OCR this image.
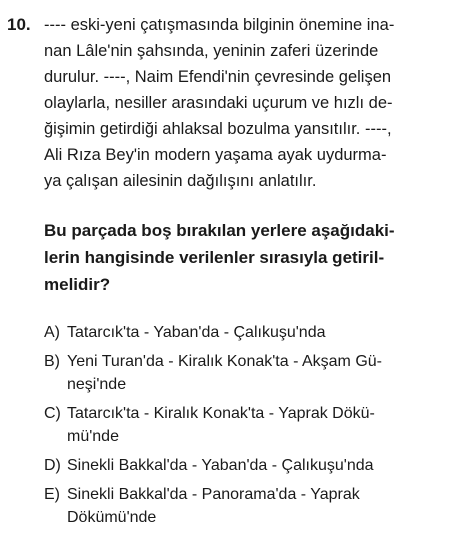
10. ---- eski-yeni çatışmasında bilginin önemine ina-
nan Lâle'nin şahsında, yeninin zaferi üzerinde
durulur. ----, Naim Efendi'nin çevresinde gelişen
olaylarla, nesiller arasındaki uçurum ve hızlı de-
ğişimin getirdiği ahlaksal bozulma yansıtılır. ----,
Ali Rıza Bey'in modern yaşama ayak uydurma-
ya çalışan ailesinin dağılışını anlatılır.
Bu parçada boş bırakılan yerlere aşağıdaki-
lerin hangisinde verilenler sırasıyla getiril-
melidir?
A) Tatarcık'ta - Yaban'da - Çalıkuşu'nda
B) Yeni Turan'da - Kiralık Konak'ta - Akşam Gü-
neşi'nde
C) Tatarcık'ta - Kiralık Konak'ta - Yaprak Dökü-
mü'nde
D) Sinekli Bakkal'da - Yaban'da - Çalıkuşu'nda
E) Sinekli Bakkal'da - Panorama'da - Yaprak
Dökümü'nde
